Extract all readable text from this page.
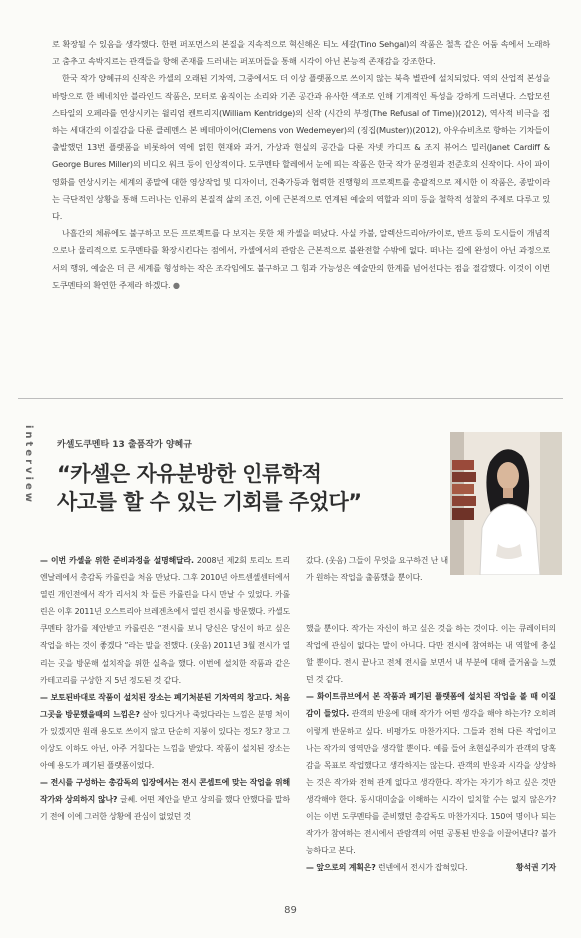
로 확장될 수 있음을 생각했다. 한편 퍼포먼스의 본질을 지속적으로 혁신해온 티노 세갈(Tino Sehgal)의 작품은 철흑 같은 어둠 속에서 노래하고 춤추고 속박지르는 관객들을 향해 존재를 드러내는 퍼포머들을 통해 시각이 아닌 본능적 존재감을 강조한다.

한국 작가 양혜규의 신작은 카셀의 오래된 기차역, 그중에서도 더 이상 플랫폼으로 쓰이지 않는 북측 별관에 설치되었다. 역의 산업적 본성을 바탕으로 한 베네치안 블라인드 작품은, 모터로 움직이는 소리와 기존 공간과 유사한 색조로 인해 기계적인 특성을 강하게 드러낸다. 스탑모션 스타일의 오페라를 연상시키는 윌리엄 켄트리지(William Kentridge)의 신작 (시간의 부정(The Refusal of Time))(2012), 역사적 비극을 접하는 세대간의 이질감을 다룬 클레멘스 본 베데마이어(Clemens von Wedemeyer)의 (징집(Muster))(2012), 아우슈비츠로 향하는 기차들이 출발했던 13번 플랫폼을 비롯하여 역에 얽힌 현재와 과거, 가상과 현실의 공간을 다룬 자넷 카디프 & 조지 뷰어스 밀러(Janet Cardiff & George Bures Miller)의 비디오 워크 등이 인상적이다. 도쿠멘타 할레에서 눈에 띄는 작품은 한국 작가 문경원과 전준호의 신작이다. 사이 파이 영화를 연상시키는 세계의 종말에 대한 영상작업 및 디자이너, 건축가등과 협력한 진행형의 프로젝트를 총괄적으로 제시한 이 작품은, 종말이라는 극단적인 상황을 통해 드러나는 인류의 본질적 삶의 조건, 이에 근본적으로 연계된 예술의 역할과 의미 등을 철학적 성찰의 주제로 다루고 있다.

나흘간의 체류에도 불구하고 모든 프로젝트를 다 보지는 못한 채 카셀을 떠났다. 사실 카불, 알렉산드리아/카이로, 반프 등의 도시들이 개념적으로나 물리적으로 도쿠멘타를 확장시킨다는 점에서, 카셀에서의 관람은 근본적으로 불완전할 수밖에 없다. 떠나는 길에 완성이 아닌 과정으로서의 행위, 예술은 더 큰 세계를 형성하는 작은 조각임에도 불구하고 그 힘과 가능성은 예술만의 한계를 넘어선다는 점을 절감했다. 이것이 이번 도쿠멘타의 확연한 주제라 하겠다. ●

interview	카셀도쿠멘타 13 출품작가 양혜규
“카셀은 자유분방한 인류학적
사고를 할 수 있는 기회를 주었다”

— 이번 카셀을 위한 준비과정을 설명해달라. 2008년 제2회 토리노 트리엔날레에서 총감독 카롤린을 처음 만났다. 그후 2010년 아트센셀센터에서 열린 개인전에서 작가 리서치 차 들른 카롤린을 다시 만날 수 있었다. 카롤린은 이후 2011년 오스트리아 브레겐츠에서 열린 전시를 방문했다. 카셀도쿠멘타 참가를 제안받고 카롤린은 “전시를 보니 당신은 당신이 하고 싶은 작업을 하는 것이 좋겠다 ”라는 말을 전했다. (웃음) 2011년 3월 전시가 열리는 곳을 방문해 설치작을 위한 실측을 했다. 이번에 설치한 작품과 같은 카테고리를 구상한 지 5년 정도된 것 같다.

— 보토된바대로 작품이 설치된 장소는 폐기처분된 기차역의 창고다. 처음 그곳을 방문했을때의 느낌은? 살아 있다거나 죽었다라는 느낌은 분명 처이가 있겠지만 원래 용도로 쓰이지 않고 단순히 지붕이 있다는 정도? 창고 그 이상도 이하도 아닌, 아주 거칠다는 느낌을 받았다. 작품이 설치된 장소는 아예 용도가 폐기된 플랫폼이었다.

— 전시를 구성하는 총감독의 입장에서는 전시 콘셉트에 맞는 작업을 위해 작가와 상의하지 않나? 글쎄. 어떤 제안을 받고 상의를 했다 안했다를 말하기 전에 이에 그러한 상황에 관심이 없었던 것

갔다. (웃음) 그들이 무엇을 요구하건 난 내가 원하는 작업을 출품했을 뿐이다.

했을 뿐이다. 작가는 자신이 하고 싶은 것을 하는 것이다. 이는 큐레이터의 작업에 관심이 없다는 말이 아니다. 다만 전시에 참여하는 내 역할에 충실할 뿐이다. 전시 끝나고 전체 전시를 보면서 내 부분에 대해 즐거움을 느꼈던 것 같다.

— 화이트큐브에서 본 작품과 폐기된 플랫폼에 설치된 작업을 볼 때 이질감이 들었다. 관객의 반응에 대해 작가가 어떤 생각을 해야 하는가? 오히려 이렇게 반문하고 싶다. 비평가도 마찬가지다. 그들과 전혀 다른 작업이고 나는 작가의 영역만을 생각할 뿐이다. 예를 들어 초현실주의가 관객의 당혹감을 목표로 작업했다고 생각하지는 않는다. 관객의 반응과 시각을 상상하는 것은 작가와 전혀 관계 없다고 생각한다. 작가는 자기가 하고 싶은 것만 생각해야 한다. 동시대미술을 이해하는 시각이 일치할 수는 없지 않은가? 이는 이번 도쿠멘타를 준비했던 총감독도 마찬가지다. 150여 명이나 되는 작가가 참여하는 전시에서 관람객의 어떤 공통된 반응을 이끌어낸다? 불가능하다고 본다.

— 앞으로의 계획은? 런넨에서 전시가 잡혀있다.	황석권 기자

89
